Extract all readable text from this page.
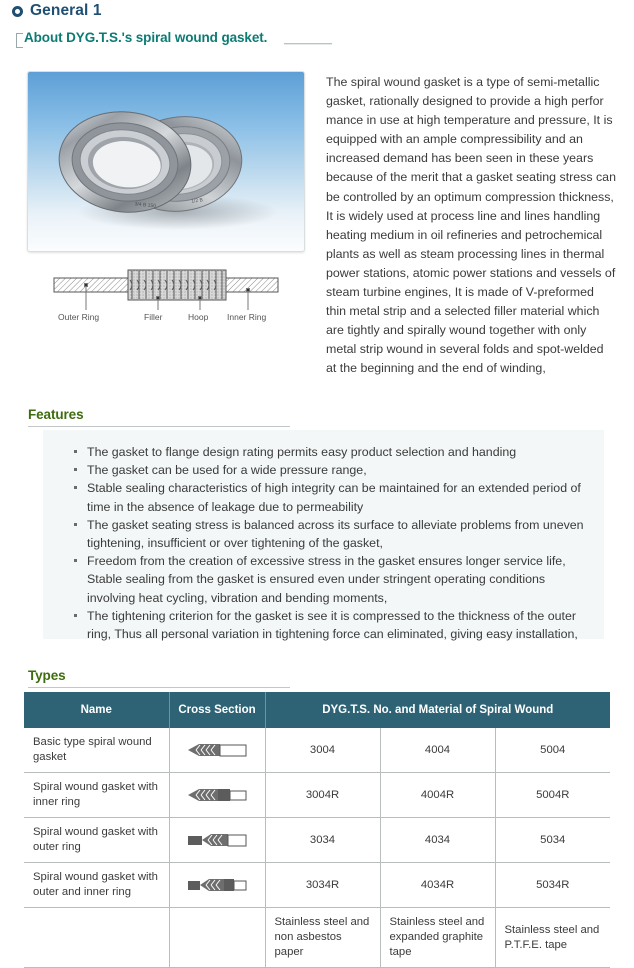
General 1
About DYG.T.S.'s spiral wound gasket.
1/2 B
3/4 B 150
Outer Ring	Filler	Hoop Inner Ring
The spiral wound gasket is a type of semi-metallic gasket, rationally designed to provide a high perfor mance in use at high temperature and pressure, It is equipped with an ample compressibility and an increased demand has been seen in these years because of the merit that a gasket seating stress can be controlled by an optimum compression thickness, It is widely used at process line and lines handling heating medium in oil refineries and petrochemical plants as well as steam processing lines in thermal power stations, atomic power stations and vessels of steam turbine engines, It is made of V-preformed thin metal strip and a selected filler material which are tightly and spirally wound together with only metal strip wound in several folds and spot-welded at the beginning and the end of winding,
Features
The gasket to flange design rating permits easy product selection and handing
The gasket can be used for a wide pressure range,
Stable sealing characteristics of high integrity can be maintained for an extended period of time in the absence of leakage due to permeability
The gasket seating stress is balanced across its surface to alleviate problems from uneven tightening, insufficient or over tightening of the gasket,
Freedom from the creation of excessive stress in the gasket ensures longer service life, Stable sealing from the gasket is ensured even under stringent operating conditions involving heat cycling, vibration and bending moments,
The tightening criterion for the gasket is see it is compressed to the thickness of the outer ring, Thus all personal variation in tightening force can eliminated, giving easy installation,
Types
Name	Cross Section	DYG.T.S. No. and Material of Spiral Wound		
Basic type spiral wound gasket		3004	4004	5004
Spiral wound gasket with inner ring		3004R	4004R	5004R
Spiral wound gasket with outer ring		3034	4034	5034
Spiral wound gasket with outer and inner ring		3034R	4034R	5034R
		Stainless steel and non asbestos paper	Stainless steel and expanded graphite tape	Stainless steel and P.T.F.E. tape
